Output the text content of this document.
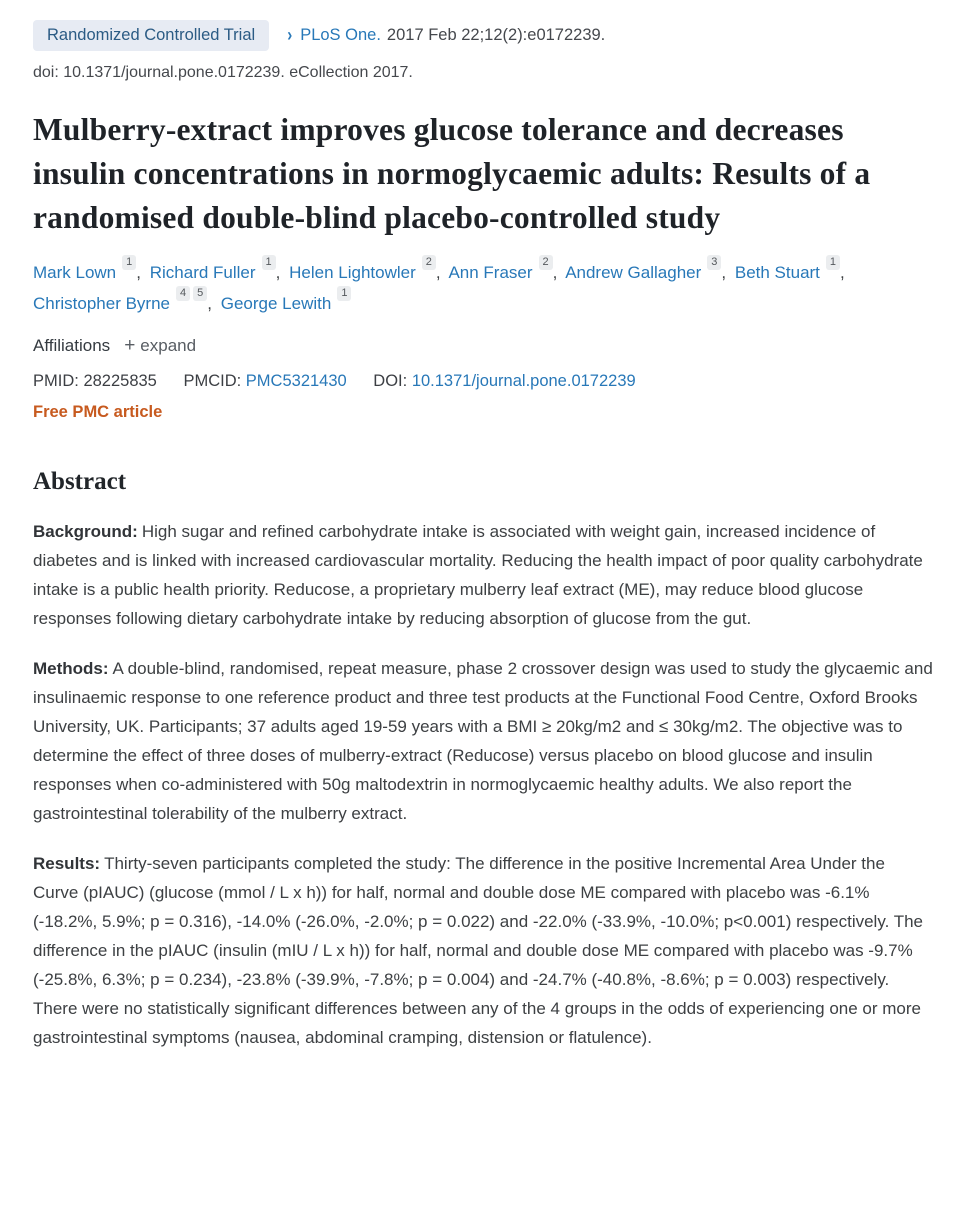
Randomized Controlled Trial	› PLoS One. 2017 Feb 22;12(2):e0172239.
doi: 10.1371/journal.pone.0172239. eCollection 2017.
Mulberry-extract improves glucose tolerance and decreases insulin concentrations in normoglycaemic adults: Results of a randomised double-blind placebo-controlled study
Mark Lown$^1$, Richard Fuller$^1$, Helen Lightowler$^2$, Ann Fraser$^2$, Andrew Gallagher$^3$, Beth Stuart$^1$, Christopher Byrne$^4$ $^5$, George Lewith$^1$
Affiliations + expand
PMID: 28225835 PMCID: PMC5321430 DOI: 10.1371/journal.pone.0172239
Free PMC article
Abstract

Background: High sugar and refined carbohydrate intake is associated with weight gain, increased incidence of diabetes and is linked with increased cardiovascular mortality. Reducing the health impact of poor quality carbohydrate intake is a public health priority. Reducose, a proprietary mulberry leaf extract (ME), may reduce blood glucose responses following dietary carbohydrate intake by reducing absorption of glucose from the gut.

Methods: A double-blind, randomised, repeat measure, phase 2 crossover design was used to study the glycaemic and insulinaemic response to one reference product and three test products at the Functional Food Centre, Oxford Brooks University, UK. Participants; 37 adults aged 19-59 years with a BMI ≥ 20kg/m2 and ≤ 30kg/m2. The objective was to determine the effect of three doses of mulberry-extract (Reducose) versus placebo on blood glucose and insulin responses when co-administered with 50g maltodextrin in normoglycaemic healthy adults. We also report the gastrointestinal tolerability of the mulberry extract.

Results: Thirty-seven participants completed the study: The difference in the positive Incremental Area Under the Curve (pIAUC) (glucose (mmol / L x h)) for half, normal and double dose ME compared with placebo was -6.1% (-18.2%, 5.9%; p = 0.316), -14.0% (-26.0%, -2.0%; p = 0.022) and -22.0% (-33.9%, -10.0%; p<0.001) respectively. The difference in the pIAUC (insulin (mIU / L x h)) for half, normal and double dose ME compared with placebo was -9.7% (-25.8%, 6.3%; p = 0.234), -23.8% (-39.9%, -7.8%; p = 0.004) and -24.7% (-40.8%, -8.6%; p = 0.003) respectively. There were no statistically significant differences between any of the 4 groups in the odds of experiencing one or more gastrointestinal symptoms (nausea, abdominal cramping, distension or flatulence).
